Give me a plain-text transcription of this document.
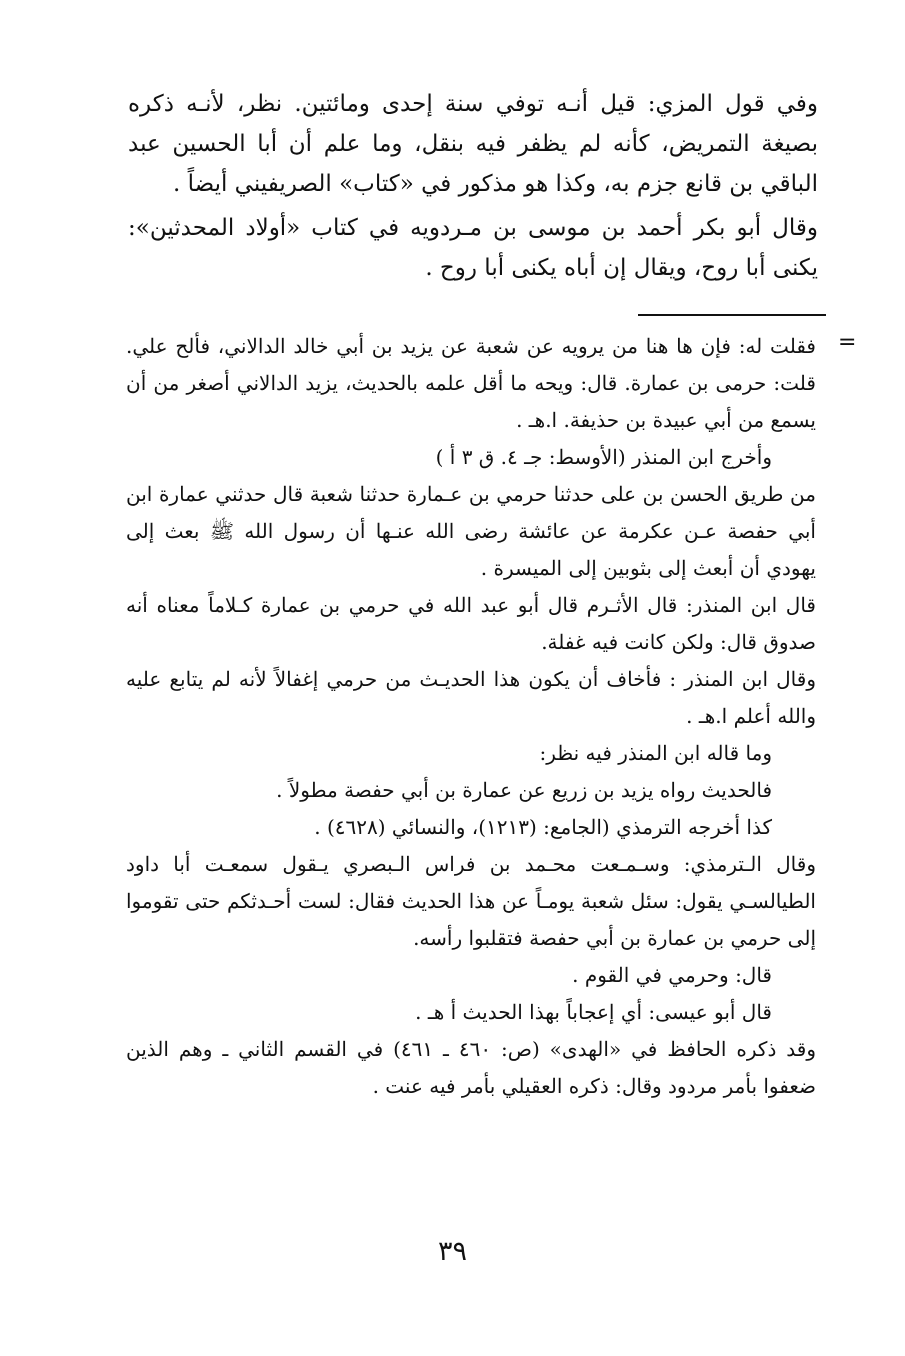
وفي قول المزي: قيل أنـه توفي سنة إحدى ومائتين. نظر، لأنـه ذكره بصيغة التمريض، كأنه لم يظفر فيه بنقل، وما علم أن أبا الحسين عبد الباقي بن قانع جزم به، وكذا هو مذكور في «كتاب» الصريفيني أيضاً .

وقال أبو بكر أحمد بن موسى بن مـردويه في كتاب «أولاد المحدثين»: يكنى أبا روح، ويقال إن أباه يكنى أبا روح .

=

فقلت له: فإن ها هنا من يرويه عن شعبة عن يزيد بن أبي خالد الدالاني، فألح علي. قلت: حرمى بن عمارة. قال: ويحه ما أقل علمه بالحديث، يزيد الدالاني أصغر من أن يسمع من أبي عبيدة بن حذيفة. ا.هـ .

وأخرج ابن المنذر (الأوسط: جـ ٤. ق ٣ أ )

من طريق الحسن بن على حدثنا حرمي بن عـمارة حدثنا شعبة قال حدثني عمارة ابن أبي حفصة عـن عكرمة عن عائشة رضى الله عنـها أن رسول الله ﷺ بعث إلى يهودي أن أبعث إلى بثوبين إلى الميسرة .

قال ابن المنذر: قال الأثـرم قال أبو عبد الله في حرمي بن عمارة كـلاماً معناه أنه صدوق قال: ولكن كانت فيه غفلة.

وقال ابن المنذر : فأخاف أن يكون هذا الحديـث من حرمي إغفالاً لأنه لم يتابع عليه والله أعلم ا.هـ .

وما قاله ابن المنذر فيه نظر:

فالحديث رواه يزيد بن زريع عن عمارة بن أبي حفصة مطولاً .

كذا أخرجه الترمذي (الجامع: (١٢١٣)، والنسائي (٤٦٢٨) .

وقال الـترمذي: وسـمـعت محـمد بن فراس الـبصري يـقول سمعـت أبا داود الطيالسـي يقول: سئل شعبة يومـاً عن هذا الحديث فقال: لست أحـدثكم حتى تقوموا إلى حرمي بن عمارة بن أبي حفصة فتقلبوا رأسه.

قال: وحرمي في القوم .

قال أبو عيسى: أي إعجاباً بهذا الحديث أ هـ .

وقد ذكره الحافظ في «الهدى» (ص: ٤٦٠ ـ ٤٦١) في القسم الثاني ـ وهم الذين ضعفوا بأمر مردود وقال: ذكره العقيلي بأمر فيه عنت .

٣٩
